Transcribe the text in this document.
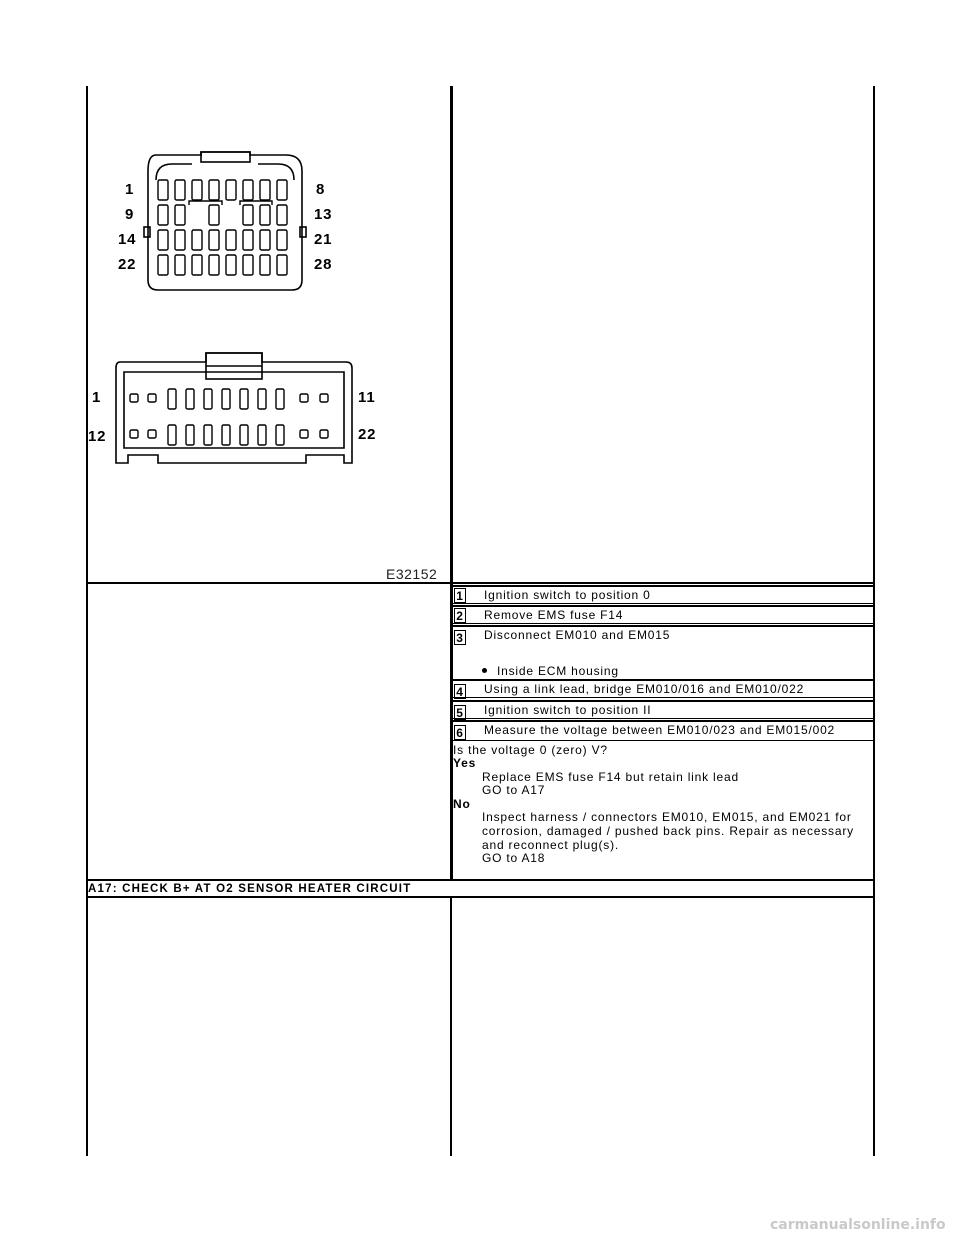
1
9
14
22
8
13
21
28
1
12
11
22
E32152
1 Ignition switch to position 0
2 Remove EMS fuse F14
3 Disconnect EM010 and EM015
Inside ECM housing
4 Using a link lead, bridge EM010/016 and EM010/022
5 Ignition switch to position II
6 Measure the voltage between EM010/023 and EM015/002
Is the voltage 0 (zero) V?
Yes
Replace EMS fuse F14 but retain link lead
GO to A17
No
Inspect harness / connectors EM010, EM015, and EM021 for
corrosion, damaged / pushed back pins. Repair as necessary
and reconnect plug(s).
GO to A18
A17: CHECK B+ AT O2 SENSOR HEATER CIRCUIT
carmanualsonline.info
